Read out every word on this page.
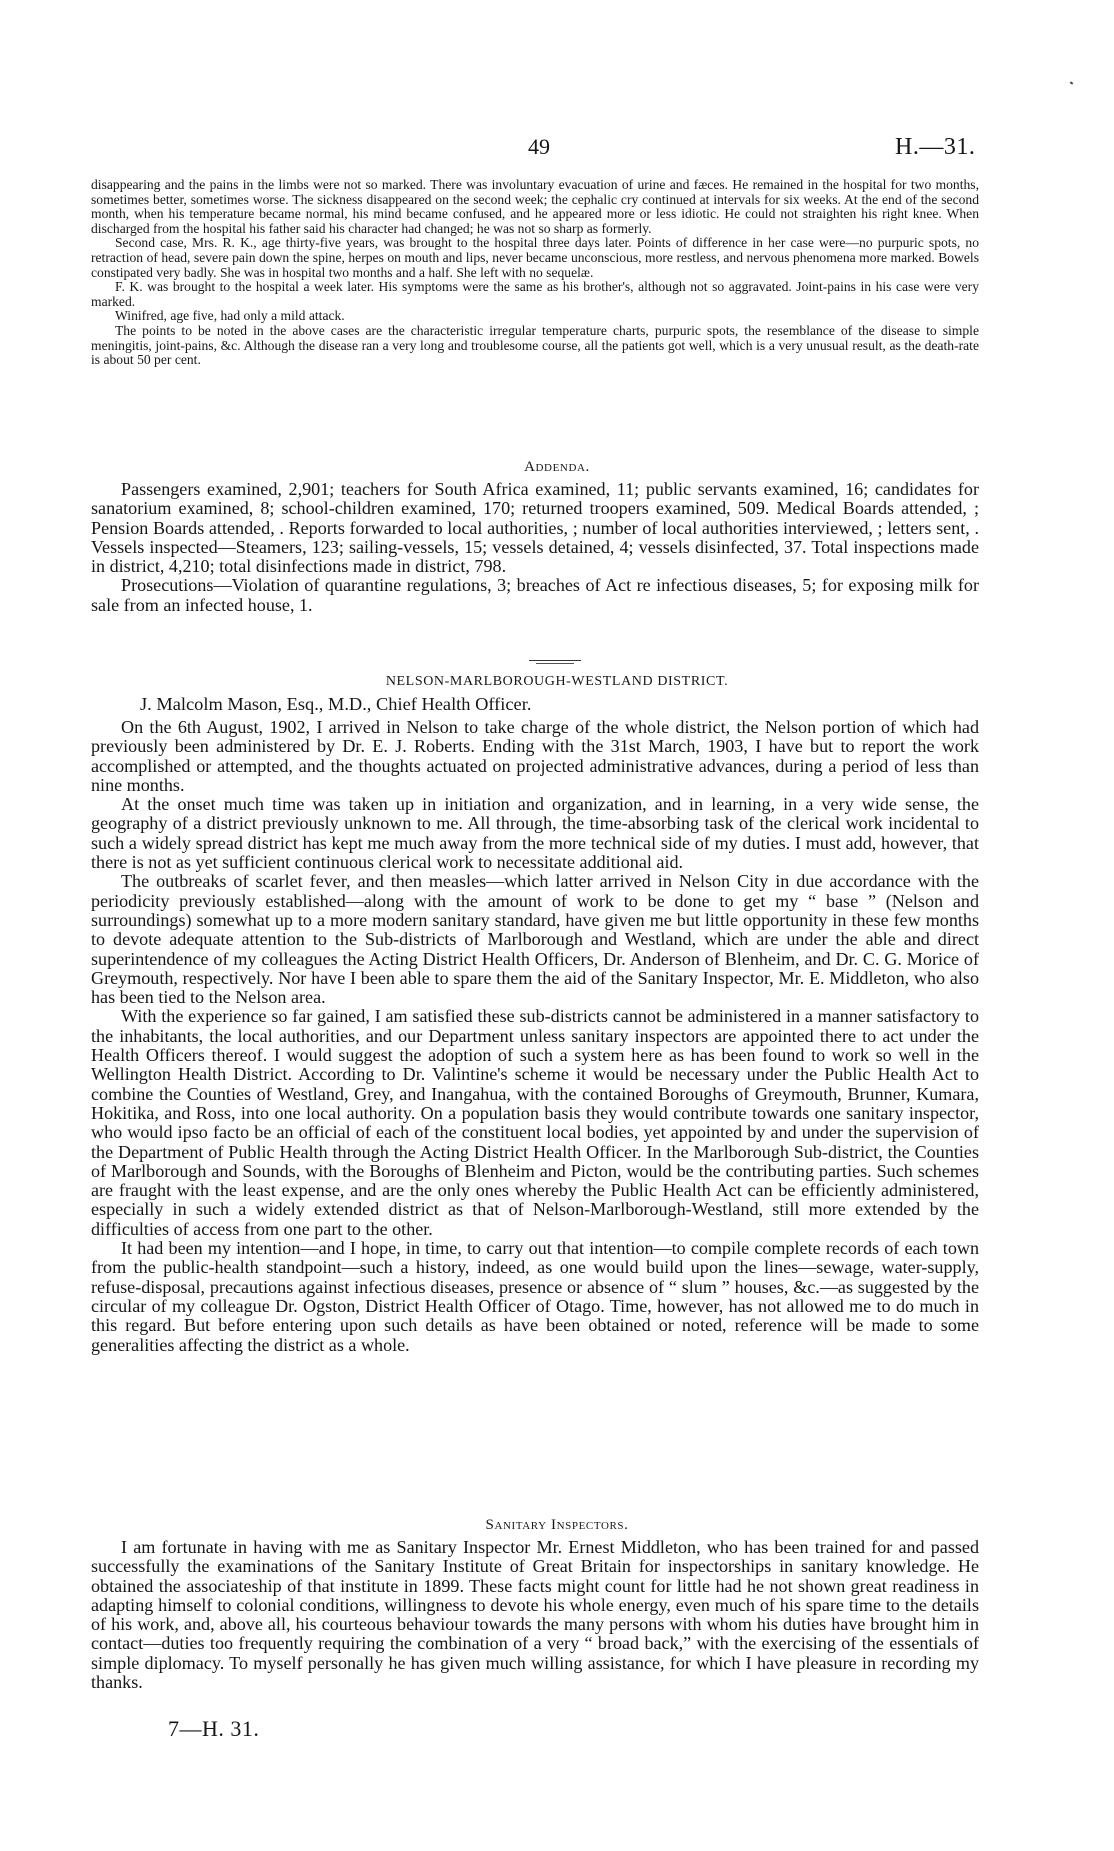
49	H.—31.

disappearing and the pains in the limbs were not so marked. There was involuntary evacuation of urine and fæces. He remained in the hospital for two months, sometimes better, sometimes worse. The sickness disappeared on the second week; the cephalic cry continued at intervals for six weeks. At the end of the second month, when his temperature became normal, his mind became confused, and he appeared more or less idiotic. He could not straighten his right knee. When discharged from the hospital his father said his character had changed; he was not so sharp as formerly.

Second case, Mrs. R. K., age thirty-five years, was brought to the hospital three days later. Points of difference in her case were—no purpuric spots, no retraction of head, severe pain down the spine, herpes on mouth and lips, never became unconscious, more restless, and nervous phenomena more marked. Bowels constipated very badly. She was in hospital two months and a half. She left with no sequelæ.

F. K. was brought to the hospital a week later. His symptoms were the same as his brother's, although not so aggravated. Joint-pains in his case were very marked.

Winifred, age five, had only a mild attack.

The points to be noted in the above cases are the characteristic irregular temperature charts, purpuric spots, the resemblance of the disease to simple meningitis, joint-pains, &c. Although the disease ran a very long and troublesome course, all the patients got well, which is a very unusual result, as the death-rate is about 50 per cent.

Addenda.

Passengers examined, 2,901; teachers for South Africa examined, 11; public servants examined, 16; candidates for sanatorium examined, 8; school-children examined, 170; returned troopers examined, 509. Medical Boards attended, ; Pension Boards attended, . Reports forwarded to local authorities, ; number of local authorities interviewed, ; letters sent, . Vessels inspected—Steamers, 123; sailing-vessels, 15; vessels detained, 4; vessels disinfected, 37. Total inspections made in district, 4,210; total disinfections made in district, 798.

Prosecutions—Violation of quarantine regulations, 3; breaches of Act re infectious diseases, 5; for exposing milk for sale from an infected house, 1.

NELSON-MARLBOROUGH-WESTLAND DISTRICT.
J. Malcolm Mason, Esq., M.D., Chief Health Officer.

On the 6th August, 1902, I arrived in Nelson to take charge of the whole district, the Nelson portion of which had previously been administered by Dr. E. J. Roberts. Ending with the 31st March, 1903, I have but to report the work accomplished or attempted, and the thoughts actuated on projected administrative advances, during a period of less than nine months.

At the onset much time was taken up in initiation and organization, and in learning, in a very wide sense, the geography of a district previously unknown to me. All through, the time-absorbing task of the clerical work incidental to such a widely spread district has kept me much away from the more technical side of my duties. I must add, however, that there is not as yet sufficient continuous clerical work to necessitate additional aid.

The outbreaks of scarlet fever, and then measles—which latter arrived in Nelson City in due accordance with the periodicity previously established—along with the amount of work to be done to get my “ base ” (Nelson and surroundings) somewhat up to a more modern sanitary standard, have given me but little opportunity in these few months to devote adequate attention to the Sub-districts of Marlborough and Westland, which are under the able and direct superintendence of my colleagues the Acting District Health Officers, Dr. Anderson of Blenheim, and Dr. C. G. Morice of Greymouth, respectively. Nor have I been able to spare them the aid of the Sanitary Inspector, Mr. E. Middleton, who also has been tied to the Nelson area.

With the experience so far gained, I am satisfied these sub-districts cannot be administered in a manner satisfactory to the inhabitants, the local authorities, and our Department unless sanitary inspectors are appointed there to act under the Health Officers thereof. I would suggest the adoption of such a system here as has been found to work so well in the Wellington Health District. According to Dr. Valintine's scheme it would be necessary under the Public Health Act to combine the Counties of Westland, Grey, and Inangahua, with the contained Boroughs of Greymouth, Brunner, Kumara, Hokitika, and Ross, into one local authority. On a population basis they would contribute towards one sanitary inspector, who would ipso facto be an official of each of the constituent local bodies, yet appointed by and under the supervision of the Department of Public Health through the Acting District Health Officer. In the Marlborough Sub-district, the Counties of Marlborough and Sounds, with the Boroughs of Blenheim and Picton, would be the contributing parties. Such schemes are fraught with the least expense, and are the only ones whereby the Public Health Act can be efficiently administered, especially in such a widely extended district as that of Nelson-Marlborough-Westland, still more extended by the difficulties of access from one part to the other.

It had been my intention—and I hope, in time, to carry out that intention—to compile complete records of each town from the public-health standpoint—such a history, indeed, as one would build upon the lines—sewage, water-supply, refuse-disposal, precautions against infectious diseases, presence or absence of “ slum ” houses, &c.—as suggested by the circular of my colleague Dr. Ogston, District Health Officer of Otago. Time, however, has not allowed me to do much in this regard. But before entering upon such details as have been obtained or noted, reference will be made to some generalities affecting the district as a whole.

Sanitary Inspectors.

I am fortunate in having with me as Sanitary Inspector Mr. Ernest Middleton, who has been trained for and passed successfully the examinations of the Sanitary Institute of Great Britain for inspectorships in sanitary knowledge. He obtained the associateship of that institute in 1899. These facts might count for little had he not shown great readiness in adapting himself to colonial conditions, willingness to devote his whole energy, even much of his spare time to the details of his work, and, above all, his courteous behaviour towards the many persons with whom his duties have brought him in contact—duties too frequently requiring the combination of a very “ broad back,” with the exercising of the essentials of simple diplomacy. To myself personally he has given much willing assistance, for which I have pleasure in recording my thanks.

7—H. 31.
